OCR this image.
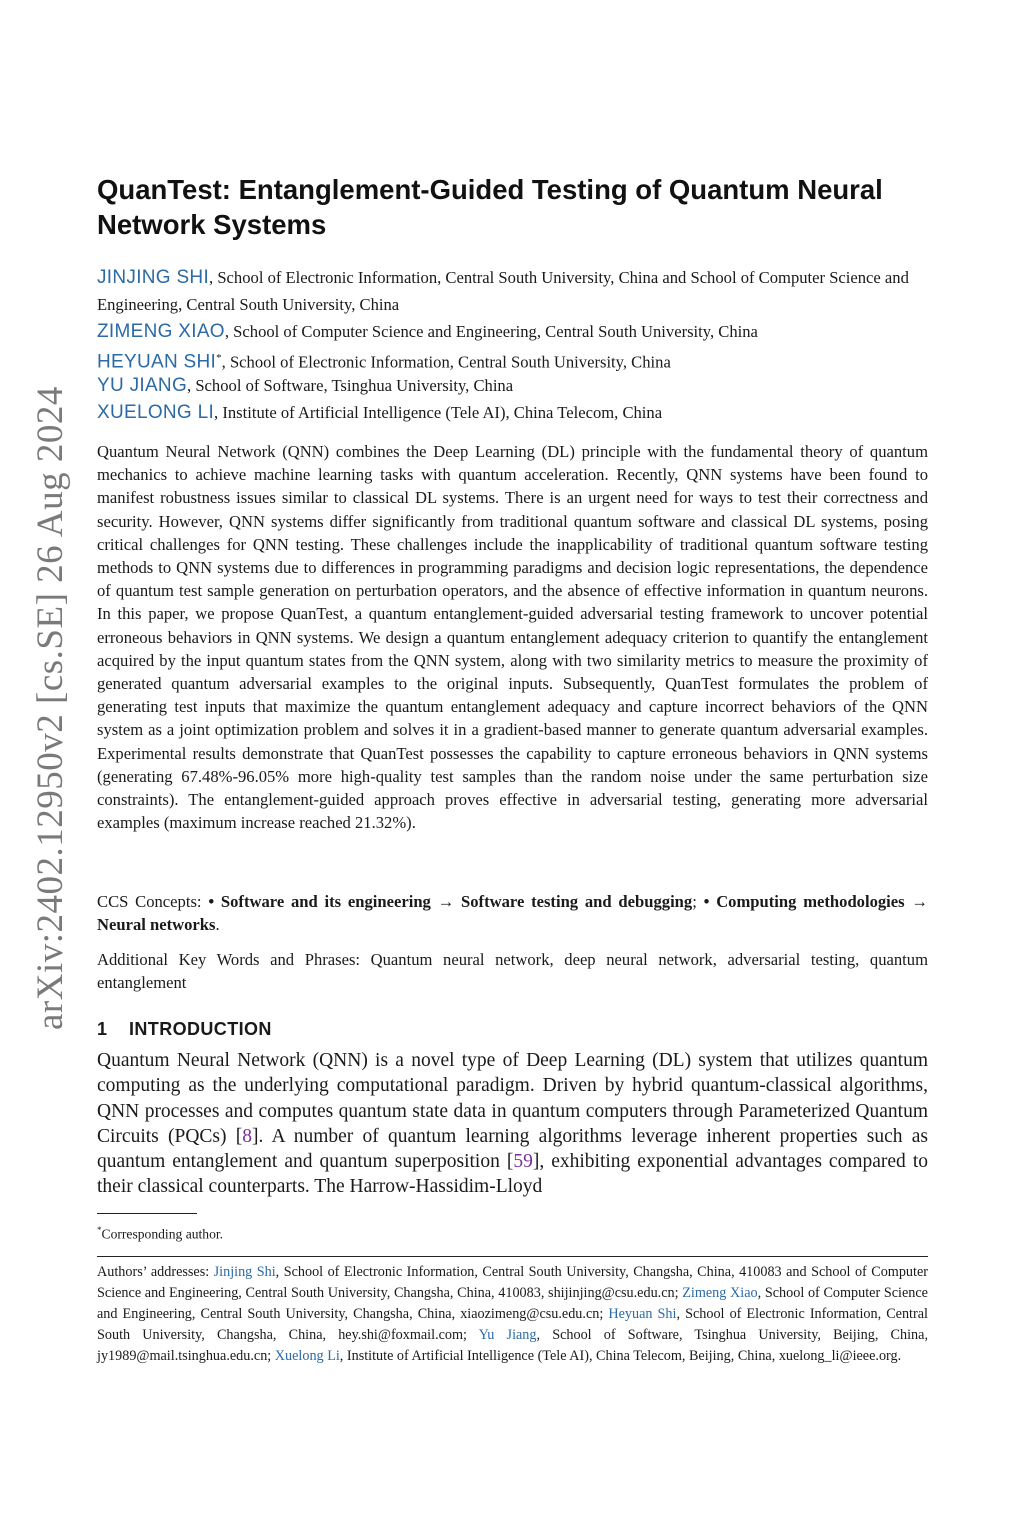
arXiv:2402.12950v2 [cs.SE] 26 Aug 2024
QuanTest: Entanglement-Guided Testing of Quantum Neural
Network Systems
JINJING SHI, School of Electronic Information, Central South University, China and School of Computer Science and Engineering, Central South University, China
ZIMENG XIAO, School of Computer Science and Engineering, Central South University, China
HEYUAN SHI*, School of Electronic Information, Central South University, China
YU JIANG, School of Software, Tsinghua University, China
XUELONG LI, Institute of Artificial Intelligence (Tele AI), China Telecom, China

Quantum Neural Network (QNN) combines the Deep Learning (DL) principle with the fundamental theory of quantum mechanics to achieve machine learning tasks with quantum acceleration. Recently, QNN systems have been found to manifest robustness issues similar to classical DL systems. There is an urgent need for ways to test their correctness and security. However, QNN systems differ significantly from traditional quantum software and classical DL systems, posing critical challenges for QNN testing. These challenges include the inapplicability of traditional quantum software testing methods to QNN systems due to differences in programming paradigms and decision logic representations, the dependence of quantum test sample generation on perturbation operators, and the absence of effective information in quantum neurons. In this paper, we propose QuanTest, a quantum entanglement-guided adversarial testing framework to uncover potential erroneous behaviors in QNN systems. We design a quantum entanglement adequacy criterion to quantify the entanglement acquired by the input quantum states from the QNN system, along with two similarity metrics to measure the proximity of generated quantum adversarial examples to the original inputs. Subsequently, QuanTest formulates the problem of generating test inputs that maximize the quantum entanglement adequacy and capture incorrect behaviors of the QNN system as a joint optimization problem and solves it in a gradient-based manner to generate quantum adversarial examples. Experimental results demonstrate that QuanTest possesses the capability to capture erroneous behaviors in QNN systems (generating 67.48%-96.05% more high-quality test samples than the random noise under the same perturbation size constraints). The entanglement-guided approach proves effective in adversarial testing, generating more adversarial examples (maximum increase reached 21.32%).

CCS Concepts: • Software and its engineering → Software testing and debugging; • Computing methodologies → Neural networks.

Additional Key Words and Phrases: Quantum neural network, deep neural network, adversarial testing, quantum entanglement

1 INTRODUCTION

Quantum Neural Network (QNN) is a novel type of Deep Learning (DL) system that utilizes quantum computing as the underlying computational paradigm. Driven by hybrid quantum-classical algorithms, QNN processes and computes quantum state data in quantum computers through Parameterized Quantum Circuits (PQCs) [8]. A number of quantum learning algorithms leverage inherent properties such as quantum entanglement and quantum superposition [59], exhibiting exponential advantages compared to their classical counterparts. The Harrow-Hassidim-Lloyd

*Corresponding author.

Authors’ addresses: Jinjing Shi, School of Electronic Information, Central South University, Changsha, China, 410083 and School of Computer Science and Engineering, Central South University, Changsha, China, 410083, shijinjing@csu.edu.cn; Zimeng Xiao, School of Computer Science and Engineering, Central South University, Changsha, China, xiaozimeng@csu.edu.cn; Heyuan Shi, School of Electronic Information, Central South University, Changsha, China, hey.shi@foxmail.com; Yu Jiang, School of Software, Tsinghua University, Beijing, China, jy1989@mail.tsinghua.edu.cn; Xuelong Li, Institute of Artificial Intelligence (Tele AI), China Telecom, Beijing, China, xuelong_li@ieee.org.
